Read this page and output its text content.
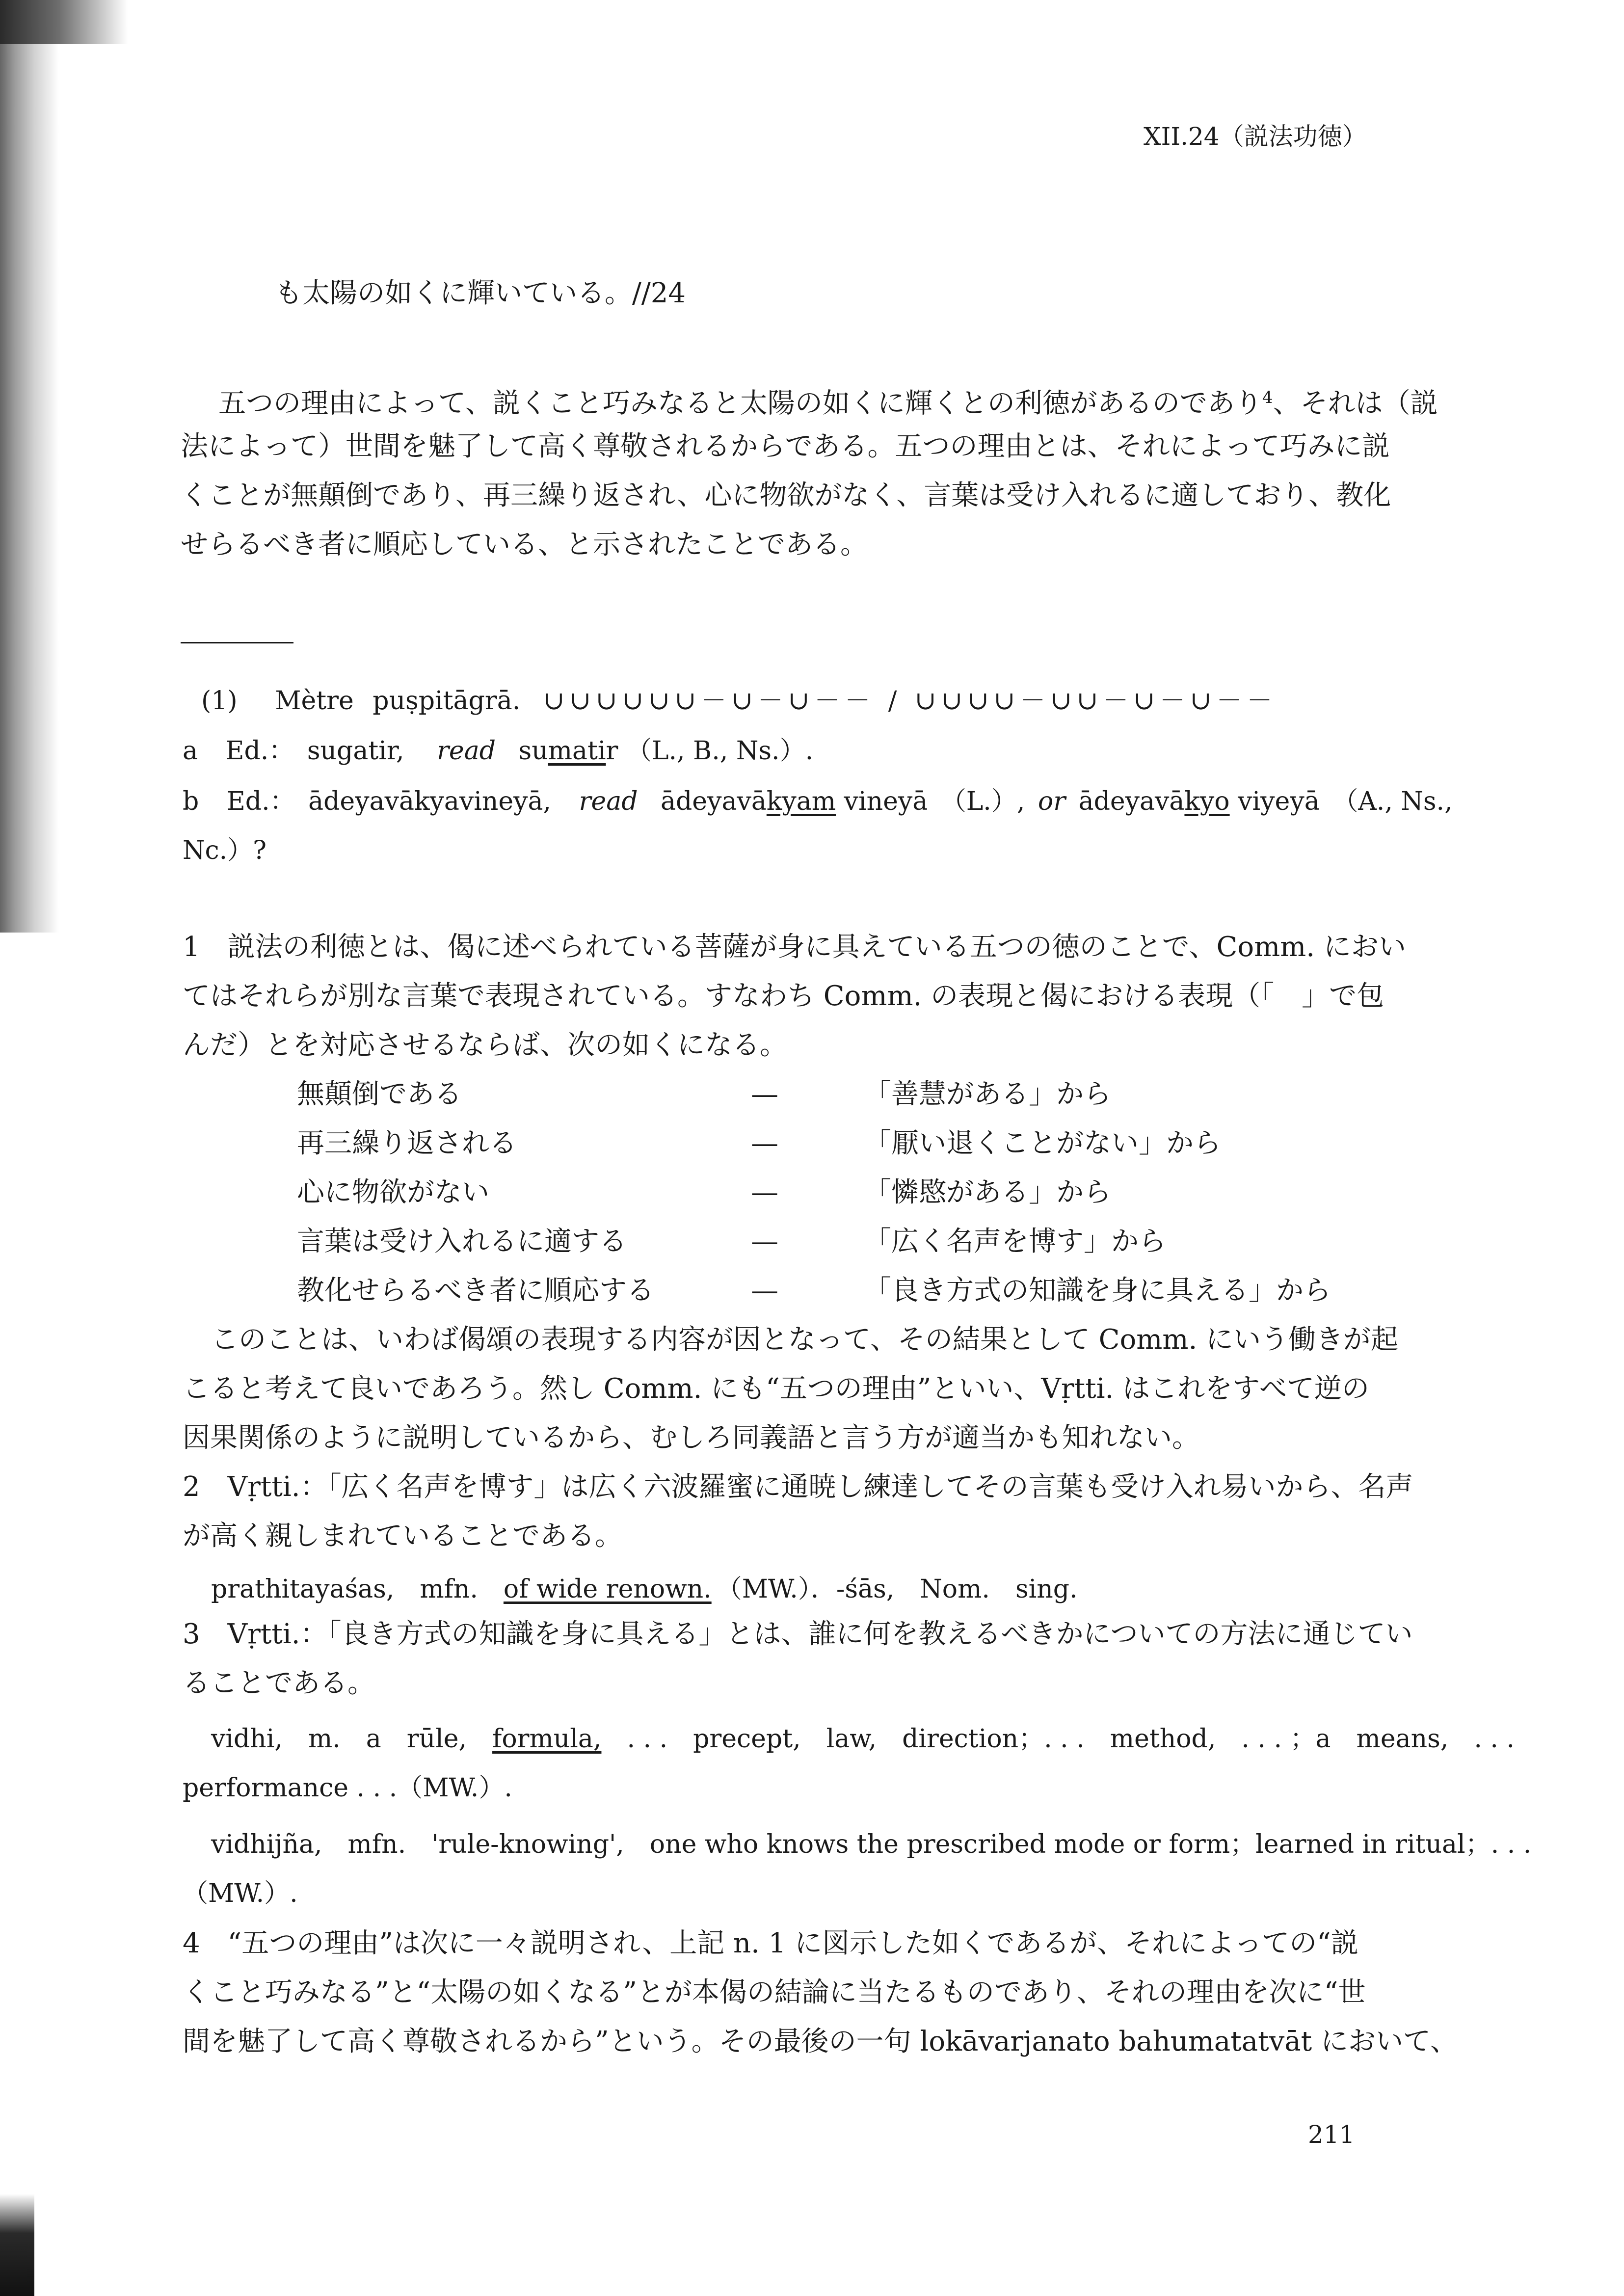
XII.24（説法功徳）
も太陽の如くに輝いている。//24
五つの理由によって、説くこと巧みなると太陽の如くに輝くとの利徳があるのであり$^4$、それは（説
法によって）世間を魅了して高く尊敬されるからである。五つの理由とは、それによって巧みに説
くことが無顛倒であり、再三繰り返され、心に物欲がなく、言葉は受け入れるに適しており、教化
せらるべき者に順応している、と示されたことである。
(1) Mètre puṣpitāgrā. ∪∪∪∪∪∪－∪－∪－－ / ∪∪∪∪－∪∪－∪－∪－－
a Ed.： sugatir, read sumatir （L., B., Ns.）.
b Ed.： ādeyavākyavineyā, read ādeyavākyam vineyā （L.）, or ādeyavākyo viyeyā （A., Ns.,
Nc.）?
1　説法の利徳とは、偈に述べられている菩薩が身に具えている五つの徳のことで、Comm. におい
てはそれらが別な言葉で表現されている。すなわち Comm. の表現と偈における表現（「　」で包
んだ）とを対応させるならば、次の如くになる。
無顛倒である	—	「善慧がある」から
再三繰り返される	—	「厭い退くことがない」から
心に物欲がない	—	「憐愍がある」から
言葉は受け入れるに適する	—	「広く名声を博す」から
教化せらるべき者に順応する	—	「良き方式の知識を身に具える」から
このことは、いわば偈頌の表現する内容が因となって、その結果として Comm. にいう働きが起
こると考えて良いであろう。然し Comm. にも“五つの理由”といい、Vṛtti. はこれをすべて逆の
因果関係のように説明しているから、むしろ同義語と言う方が適当かも知れない。
2　Vṛtti.：「広く名声を博す」は広く六波羅蜜に通暁し練達してその言葉も受け入れ易いから、名声
が高く親しまれていることである。
prathitayaśas,　mfn.　of wide renown. （MW.）．-śās,　Nom.　sing.
3　Vṛtti.：「良き方式の知識を身に具える」とは、誰に何を教えるべきかについての方法に通じてい
ることである。
vidhi,　m.　a　rūle,　formula,　. . .　precept,　law,　direction；. . .　method,　. . . ；a　means,　. . .
performance . . .（MW.）.
vidhijña,　mfn.　'rule-knowing',　one who knows the prescribed mode or form；learned in ritual；. . .
（MW.）.
4　“五つの理由”は次に一々説明され、上記 n. 1 に図示した如くであるが、それによっての“説
くこと巧みなる”と“太陽の如くなる”とが本偈の結論に当たるものであり、それの理由を次に“世
間を魅了して高く尊敬されるから”という。その最後の一句 lokāvarjanato bahumatatvāt において、
211
